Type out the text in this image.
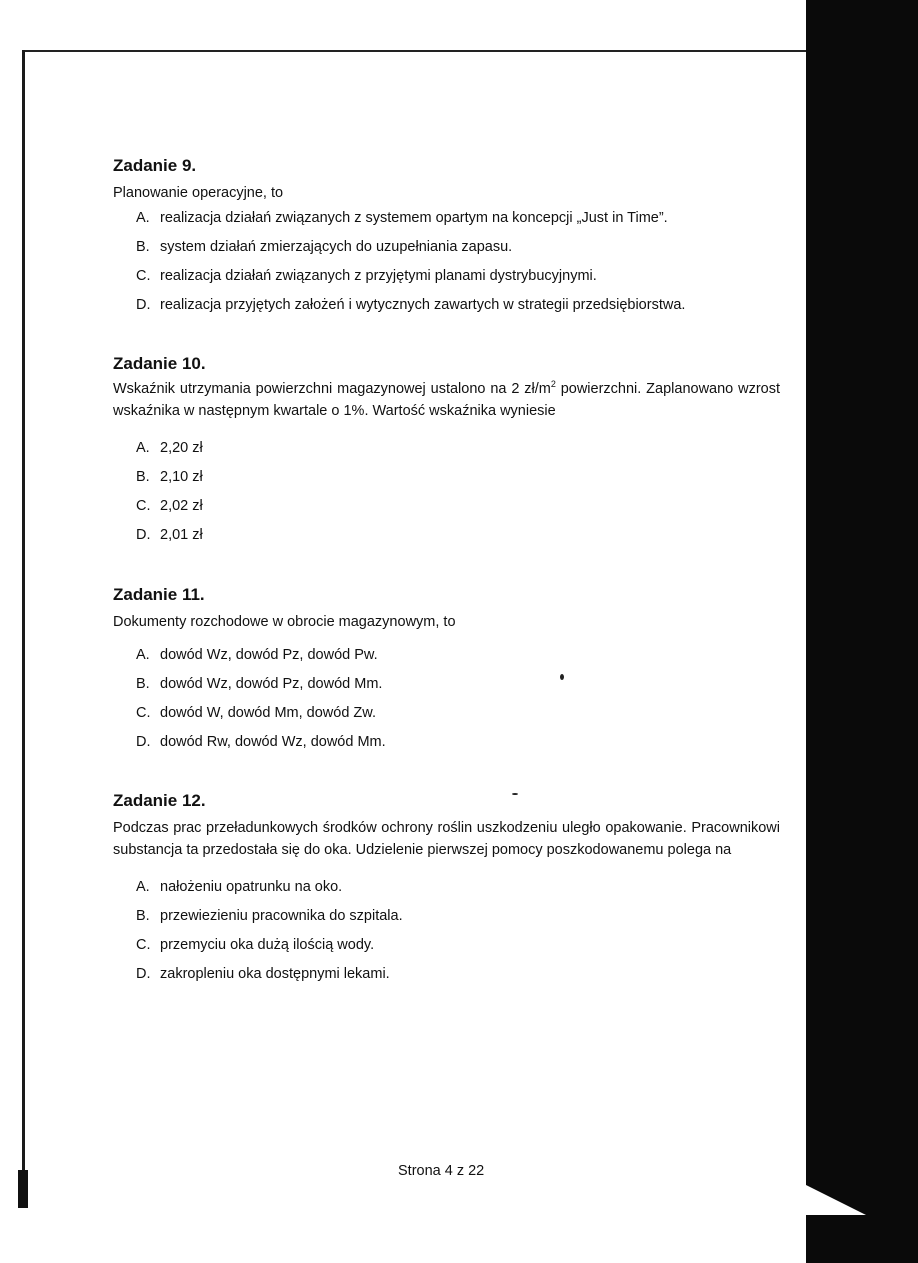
Zadanie 9.

Planowanie operacyjne, to

A. realizacja działań związanych z systemem opartym na koncepcji „Just in Time”.
B. system działań zmierzających do uzupełniania zapasu.
C. realizacja działań związanych z przyjętymi planami dystrybucyjnymi.
D. realizacja przyjętych założeń i wytycznych zawartych w strategii przedsiębiorstwa.
Zadanie 10.

Wskaźnik utrzymania powierzchni magazynowej ustalono na 2 $zł/m^2$ powierzchni. Zaplanowano wzrost wskaźnika w następnym kwartale o 1%. Wartość wskaźnika wyniesie

A. 2,20 zł
B. 2,10 zł
C. 2,02 zł
D. 2,01 zł
Zadanie 11.

Dokumenty rozchodowe w obrocie magazynowym, to

A. dowód Wz, dowód Pz, dowód Pw.
B. dowód Wz, dowód Pz, dowód Mm.
C. dowód W, dowód Mm, dowód Zw.
D. dowód Rw, dowód Wz, dowód Mm.
Zadanie 12.

Podczas prac przeładunkowych środków ochrony roślin uszkodzeniu uległo opakowanie. Pracownikowi substancja ta przedostała się do oka. Udzielenie pierwszej pomocy poszkodowanemu polega na

A. nałożeniu opatrunku na oko.
B. przewiezieniu pracownika do szpitala.
C. przemyciu oka dużą ilością wody.
D. zakropleniu oka dostępnymi lekami.
Strona 4 z 22
